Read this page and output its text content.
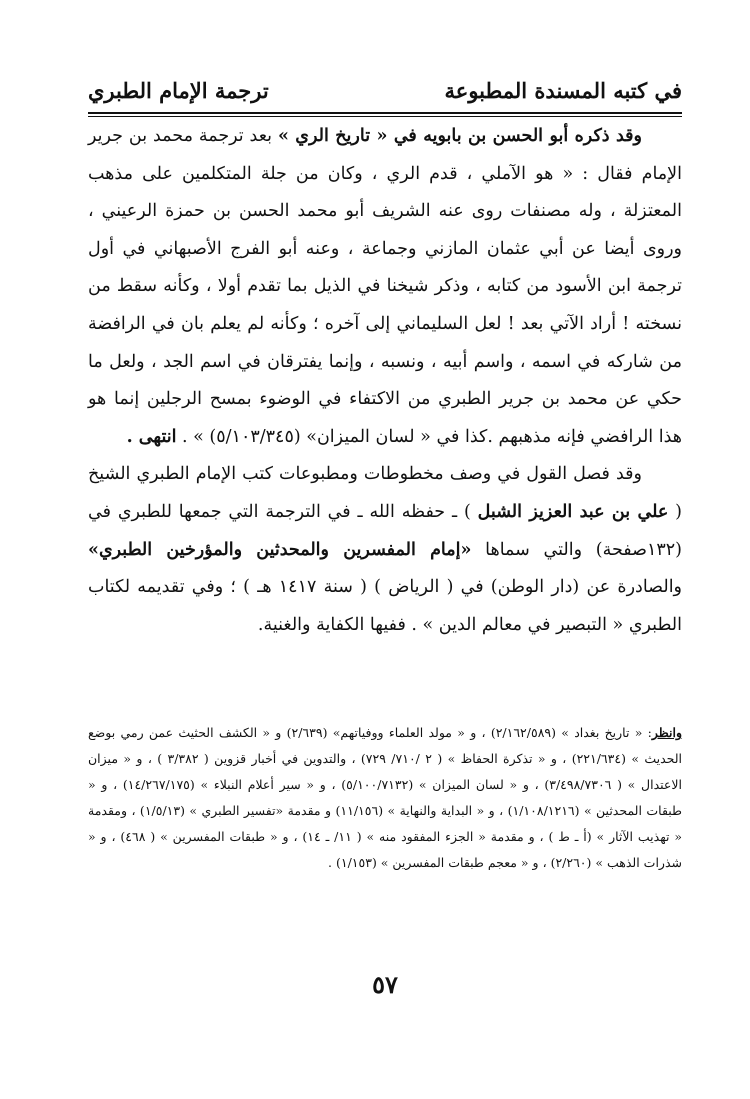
في كتبه المسندة المطبوعة
ترجمة الإمام الطبري

وقد ذكره أبو الحسن بن بابويه في « تاريخ الري » بعد ترجمة محمد بن جرير الإمام فقال : « هو الآملي ، قدم الري ، وكان من جلة المتكلمين على مذهب المعتزلة ، وله مصنفات روى عنه الشريف أبو محمد الحسن بن حمزة الرعيني ، وروى أيضا عن أبي عثمان المازني وجماعة ، وعنه أبو الفرج الأصبهاني في أول ترجمة ابن الأسود من كتابه ، وذكر شيخنا في الذيل بما تقدم أولا ، وكأنه سقط من نسخته ! أراد الآتي بعد ! لعل السليماني إلى آخره ؛ وكأنه لم يعلم بان في الرافضة من شاركه في اسمه ، واسم أبيه ، ونسبه ، وإنما يفترقان في اسم الجد ، ولعل ما حكي عن محمد بن جرير الطبري من الاكتفاء في الوضوء بمسح الرجلين إنما هو هذا الرافضي فإنه مذهبهم .كذا في « لسان الميزان» (٥/١٠٣/٣٤٥) » . انتهى .

وقد فصل القول في وصف مخطوطات ومطبوعات كتب الإمام الطبري الشيخ ( علي بن عبد العزيز الشبل ) ـ حفظه الله ـ في الترجمة التي جمعها للطبري في (١٣٢صفحة) والتي سماها «إمام المفسرين والمحدثين والمؤرخين الطبري» والصادرة عن (دار الوطن) في ( الرياض ) ( سنة ١٤١٧ هـ ) ؛ وفي تقديمه لكتاب الطبري « التبصير في معالم الدين » . ففيها الكفاية والغنية.

وانظر: « تاريخ بغداد » (٢/١٦٢/٥٨٩) ، و « مولد العلماء ووفياتهم» (٢/٦٣٩) و « الكشف الحثيث عمن رمي بوضع الحديث » (٢٢١/٦٣٤) ، و « تذكرة الحفاظ » ( ٢ /٧١٠/ ٧٢٩) ، والتدوين في أخبار قزوين ( ٣/٣٨٢ ) ، و « ميزان الاعتدال » ( ٣/٤٩٨/٧٣٠٦) ، و « لسان الميزان » (٥/١٠٠/٧١٣٢) ، و « سير أعلام النبلاء » (١٤/٢٦٧/١٧٥) ، و « طبقات المحدثين » (١/١٠٨/١٢١٦) ، و « البداية والنهاية » (١١/١٥٦) و مقدمة «تفسير الطبري » (١/٥/١٣) ، ومقدمة « تهذيب الآثار » (أ ـ ط ) ، و مقدمة « الجزء المفقود منه » ( ١١/ ـ ١٤) ، و « طبقات المفسرين » ( ٤٦٨) ، و « شذرات الذهب » (٢/٢٦٠) ، و « معجم طبقات المفسرين » (١/١٥٣) .

٥٧
